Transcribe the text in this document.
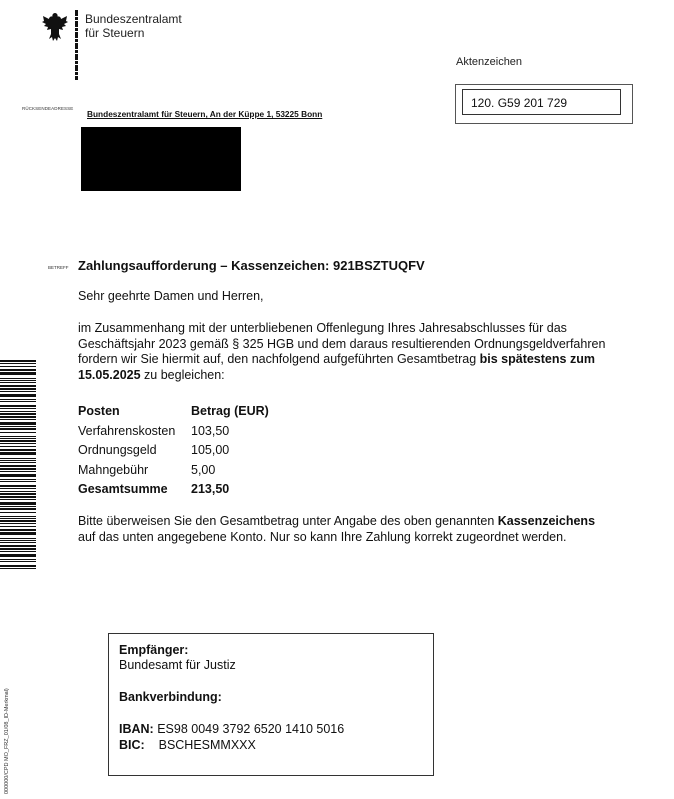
Bundeszentralamt
für Steuern
Aktenzeichen
120. G59 201 729
RÜCKSENDEADRESSE
Bundeszentralamt für Steuern, An der Küppe 1, 53225 Bonn
BETREFF Zahlungsaufforderung – Kassenzeichen: 921BSZTUQFV
Sehr geehrte Damen und Herren,
im Zusammenhang mit der unterbliebenen Offenlegung Ihres Jahresabschlusses für das Geschäftsjahr 2023 gemäß § 325 HGB und dem daraus resultierenden Ordnungsgeldverfahren fordern wir Sie hiermit auf, den nachfolgend aufgeführten Gesamtbetrag bis spätestens zum 15.05.2025 zu begleichen:
Posten	Betrag (EUR)
Verfahrenskosten	103,50
Ordnungsgeld	105,00
Mahngebühr	5,00
Gesamtsumme	213,50
Bitte überweisen Sie den Gesamtbetrag unter Angabe des oben genannten Kassenzeichens auf das unten angegebene Konto. Nur so kann Ihre Zahlung korrekt zugeordnet werden.
000000/CPD MO_FRZ_01/08_ID-Merkmal)
Empfänger:
Bundesamt für Justiz
Bankverbindung:
IBAN: ES98 0049 3792 6520 1410 5016
BIC: BSCHESMMXXX
